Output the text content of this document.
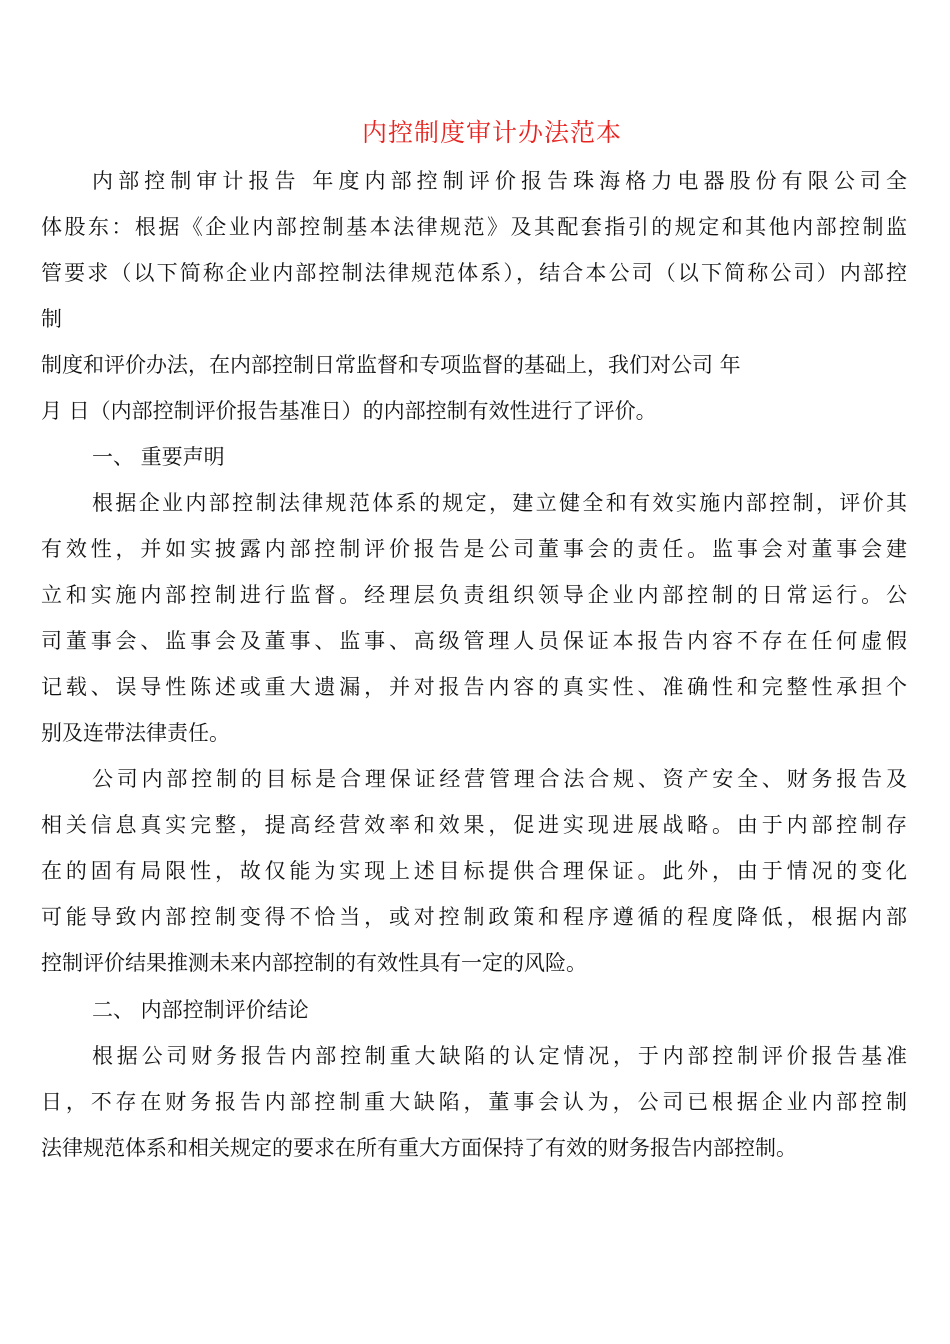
内控制度审计办法范本
内部控制审计报告 年度内部控制评价报告珠海格力电器股份有限公司全
体股东：根据《企业内部控制基本法律规范》及其配套指引的规定和其他内部控制监
管要求（以下简称企业内部控制法律规范体系），结合本公司（以下简称公司）内部控
制
制度和评价办法，在内部控制日常监督和专项监督的基础上，我们对公司 年
月 日（内部控制评价报告基准日）的内部控制有效性进行了评价。
一、 重要声明
根据企业内部控制法律规范体系的规定，建立健全和有效实施内部控制，评价其
有效性，并如实披露内部控制评价报告是公司董事会的责任。监事会对董事会建
立和实施内部控制进行监督。经理层负责组织领导企业内部控制的日常运行。公
司董事会、监事会及董事、监事、高级管理人员保证本报告内容不存在任何虚假
记载、误导性陈述或重大遗漏，并对报告内容的真实性、准确性和完整性承担个
别及连带法律责任。
公司内部控制的目标是合理保证经营管理合法合规、资产安全、财务报告及
相关信息真实完整，提高经营效率和效果，促进实现进展战略。由于内部控制存
在的固有局限性，故仅能为实现上述目标提供合理保证。此外，由于情况的变化
可能导致内部控制变得不恰当，或对控制政策和程序遵循的程度降低，根据内部
控制评价结果推测未来内部控制的有效性具有一定的风险。
二、 内部控制评价结论
根据公司财务报告内部控制重大缺陷的认定情况，于内部控制评价报告基准
日，不存在财务报告内部控制重大缺陷，董事会认为，公司已根据企业内部控制
法律规范体系和相关规定的要求在所有重大方面保持了有效的财务报告内部控制。
